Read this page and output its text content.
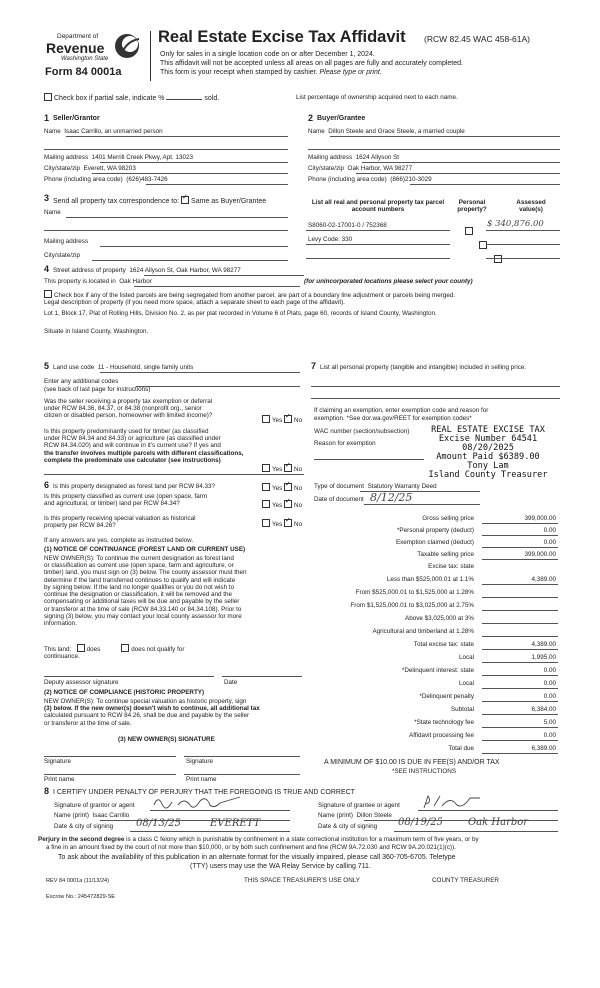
Department of
Revenue
Washington State
Form 84 0001a
Real Estate Excise Tax Affidavit (RCW 82.45 WAC 458-61A)
Only for sales in a single location code on or after December 1, 2024.
This affidavit will not be accepted unless all areas on all pages are fully and accurately completed.
This form is your receipt when stamped by cashier. Please type or print.
Check box if partial sale, indicate %	sold.	List percentage of ownership acquired next to each name.
1 Seller/Grantor
Name Isaac Carrillo, an unmarried person
Mailing address 1401 Merrill Creek Pkwy, Apt. 13023
City/state/zip Everett, WA 98203
Phone (including area code) (626)483-7426
2 Buyer/Grantee
Name Dillon Steele and Grace Steele, a married couple
Mailing address 1624 Allyson St
City/state/zip Oak Harbor, WA 98277
Phone (including area code) (866)210-3029
3 Send all property tax correspondence to: ✓ Same as Buyer/Grantee
Name
Mailing address
City/state/zip
List all real and personal property tax parcel account numbers
Personal property?
Assessed value(s)
S8060-02-17001-0 / 752368
	$ 340,876.00
Levy Code: 330

4 Street address of property 1624 Allyson St, Oak Harbor, WA 98277
This property is located in Oak Harbor	(for unincorporated locations please select your county)
Check box if any of the listed parcels are being segregated from another parcel, are part of a boundary line adjustment or parcels being merged.
Legal description of property (if you need more space, attach a separate sheet to each page of the affidavit).
Lot 1, Block 17, Plat of Rolling Hills, Division No. 2, as per plat recorded in Volume 6 of Plats, page 60, records of Island County, Washington.
Situate in Island County, Washington.
5 Land use code 11 - Household, single family units
Enter any additional codes
(see back of last page for instructions)
Was the seller receiving a property tax exemption or deferral
under RCW 84.36, 84.37, or 84.38 (nonprofit org., senior
citizen or disabled person, homeowner with limited income)?
Yes ✓ No
Is this property predominantly used for timber (as classified
under RCW 84.34 and 84.33) or agriculture (as classified under
RCW 84.34.020) and will continue in it's current use? If yes and
the transfer involves multiple parcels with different classifications,
complete the predominate use calculator (see instructions)
Yes ✓ No
6 Is this property designated as forest land per RCW 84.33?	Yes ✓ No
Is this property classified as current use (open space, farm
and agricultural, or timber) land per RCW 84.34?	Yes ✓ No
Is this property receiving special valuation as historical
property per RCW 84.26?	Yes ✓ No
If any answers are yes, complete as instructed below.
(1) NOTICE OF CONTINUANCE (FOREST LAND OR CURRENT USE)
NEW OWNER(S): To continue the current designation as forest land
or classification as current use (open space, farm and agriculture, or
timber) land, you must sign on (3) below. The county assessor must then
determine if the land transferred continues to qualify and will indicate
by signing below. If the land no longer qualifies or you do not wish to
continue the designation or classification, it will be removed and the
compensating or additional taxes will be due and payable by the seller
or transferor at the time of sale (RCW 84.33.140 or 84.34.108). Prior to
signing (3) below, you may contact your local county assessor for more
information.
This land: does	does not qualify for
continuance.
Deputy assessor signature	Date
(2) NOTICE OF COMPLIANCE (HISTORIC PROPERTY)
NEW OWNER(S): To continue special valuation as historic property, sign
(3) below. If the new owner(s) doesn't wish to continue, all additional tax
calculated pursuant to RCW 84.26, shall be due and payable by the seller
or transferor at the time of sale.
(3) NEW OWNER(S) SIGNATURE
Signature	Signature
Print name	Print name
7 List all personal property (tangible and intangible) included in selling price.
If claiming an exemption, enter exemption code and reason for
exemption. *See dor.wa.gov/REET for exemption codes*
WAC number (section/subsection)
Reason for exemption
REAL ESTATE EXCISE TAX
Excise Number 64541
08/20/2025
Amount Paid $6389.00
Tony Lam
Island County Treasurer
Type of document Statutory Warranty Deed
Date of document 8/12/25
Gross selling price	399,000.00
*Personal property (deduct)	0.00
Exemption claimed (deduct)	0.00
Taxable selling price	399,000.00
Excise tax: state
Less than $525,000.01 at 1.1%	4,389.00
From $525,000.01 to $1,525,000 at 1.28%
From $1,525,000.01 to $3,025,000 at 2.75%
Above $3,025,000 at 3%
Agricultural and timberland at 1.28%
Total excise tax: state	4,389.00
Local	1,995.00
*Delinquent interest: state	0.00
Local	0.00
*Delinquent penalty	0.00
Subtotal	6,384.00
*State technology fee	5.00
Affidavit processing fee	0.00
Total due	6,389.00
A MINIMUM OF $10.00 IS DUE IN FEE(S) AND/OR TAX
*SEE INSTRUCTIONS
8 I CERTIFY UNDER PENALTY OF PERJURY THAT THE FOREGOING IS TRUE AND CORRECT
Signature of grantor or agent
Name (print) Isaac Carrillo
Date & city of signing 08/13/25	EVERETT
Signature of grantee or agent
Name (print) Dillon Steele
Date & city of signing 08/19/25	Oak Harbor
Perjury in the second degree is a class C felony which is punishable by confinement in a state correctional institution for a maximum term of five years, or by
a fine in an amount fixed by the court of not more than $10,000, or by both such confinement and fine (RCW 9A.72.030 and RCW 9A.20.021(1)(c)).
To ask about the availability of this publication in an alternate format for the visually impaired, please call 360-705-6705. Teletype
(TTY) users may use the WA Relay Service by calling 711.
REV 84 0001a (11/13/24)	THIS SPACE TREASURER'S USE ONLY	COUNTY TREASURER
Escrow No.: 245472829-SE
